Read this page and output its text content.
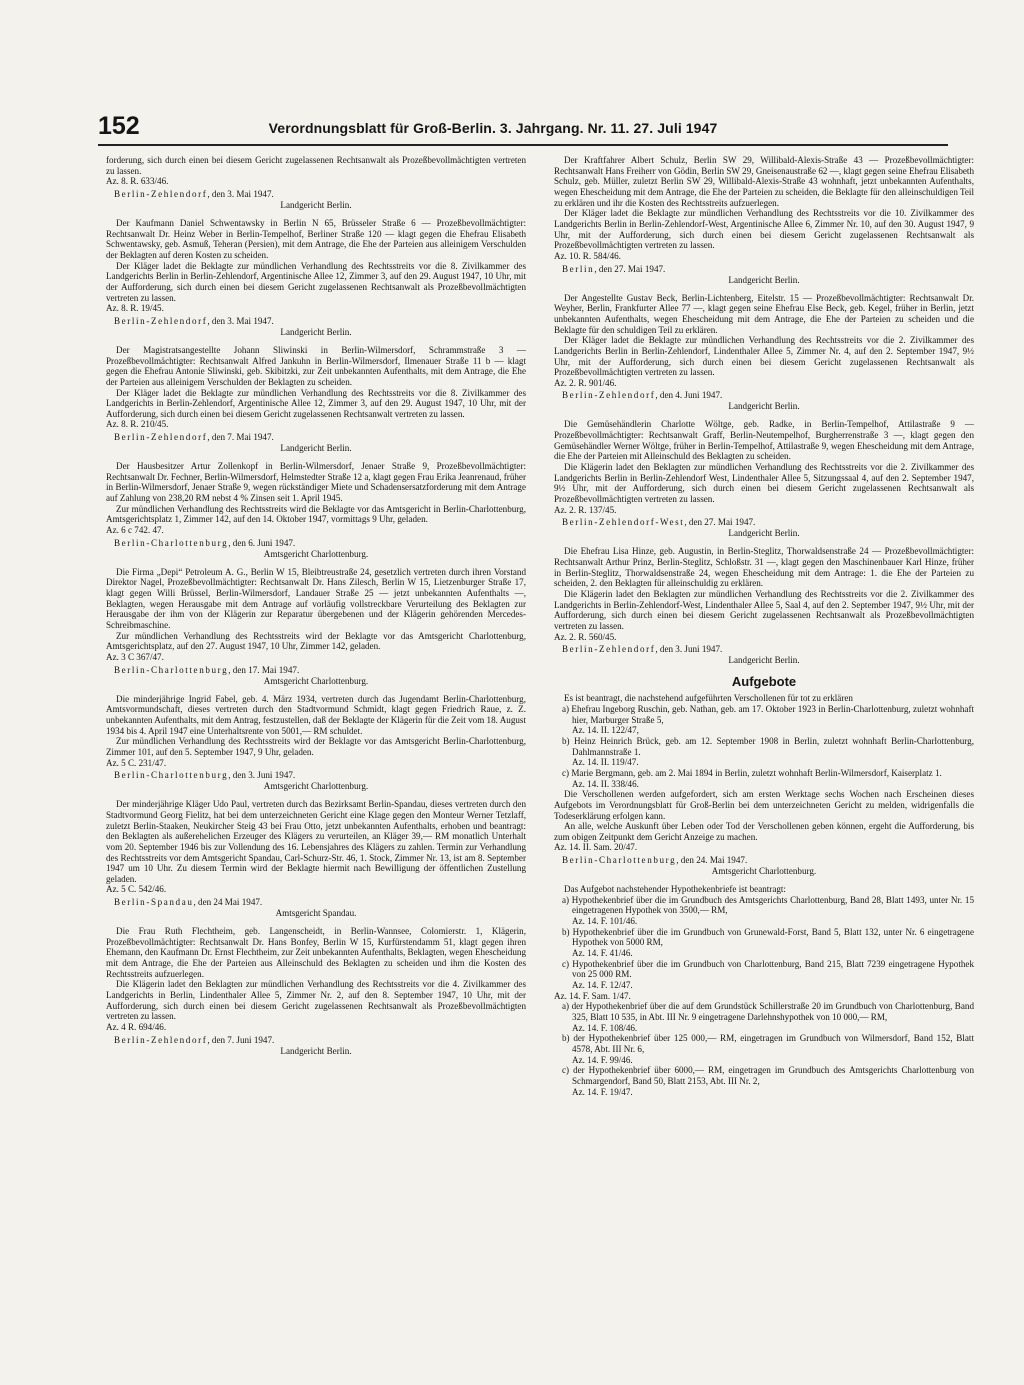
152	Verordnungsblatt für Groß-Berlin. 3. Jahrgang. Nr. 11. 27. Juli 1947

forderung, sich durch einen bei diesem Gericht zugelassenen Rechtsanwalt als Prozeßbevollmächtigten vertreten zu lassen.

Az. 8. R. 633/46.

Berlin-Zehlendorf, den 3. Mai 1947.
Landgericht Berlin.

Der Kaufmann Daniel Schwentawsky in Berlin N 65, Brüsseler Straße 6 — Prozeßbevollmächtigter: Rechtsanwalt Dr. Heinz Weber in Berlin-Tempelhof, Berliner Straße 120 — klagt gegen die Ehefrau Elisabeth Schwentawsky, geb. Asmuß, Teheran (Persien), mit dem Antrage, die Ehe der Parteien aus alleinigem Verschulden der Beklagten auf deren Kosten zu scheiden.

Der Kläger ladet die Beklagte zur mündlichen Verhandlung des Rechtsstreits vor die 8. Zivilkammer des Landgerichts Berlin in Berlin-Zehlendorf, Argentinische Allee 12, Zimmer 3, auf den 29. August 1947, 10 Uhr, mit der Aufforderung, sich durch einen bei diesem Gericht zugelassenen Rechtsanwalt als Prozeßbevollmächtigten vertreten zu lassen.

Az. 8. R. 19/45.

Berlin-Zehlendorf, den 3. Mai 1947.
Landgericht Berlin.

Der Magistratsangestellte Johann Sliwinski in Berlin-Wilmersdorf, Schrammstraße 3 — Prozeßbevollmächtigter: Rechtsanwalt Alfred Jankuhn in Berlin-Wilmersdorf, Ilmenauer Straße 11 b — klagt gegen die Ehefrau Antonie Sliwinski, geb. Skibitzki, zur Zeit unbekannten Aufenthalts, mit dem Antrage, die Ehe der Parteien aus alleinigem Verschulden der Beklagten zu scheiden.

Der Kläger ladet die Beklagte zur mündlichen Verhandlung des Rechtsstreits vor die 8. Zivilkammer des Landgerichts in Berlin-Zehlendorf, Argentinische Allee 12, Zimmer 3, auf den 29. August 1947, 10 Uhr, mit der Aufforderung, sich durch einen bei diesem Gericht zugelassenen Rechtsanwalt vertreten zu lassen.

Az. 8. R. 210/45.

Berlin-Zehlendorf, den 7. Mai 1947.
Landgericht Berlin.

Der Hausbesitzer Artur Zollenkopf in Berlin-Wilmersdorf, Jenaer Straße 9, Prozeßbevollmächtigter: Rechtsanwalt Dr. Fechner, Berlin-Wilmersdorf, Helmstedter Straße 12 a, klagt gegen Frau Erika Jeanrenaud, früher in Berlin-Wilmersdorf, Jenaer Straße 9, wegen rückständiger Miete und Schadensersatzforderung mit dem Antrage auf Zahlung von 238,20 RM nebst 4 % Zinsen seit 1. April 1945.

Zur mündlichen Verhandlung des Rechtsstreits wird die Beklagte vor das Amtsgericht in Berlin-Charlottenburg, Amtsgerichtsplatz 1, Zimmer 142, auf den 14. Oktober 1947, vormittags 9 Uhr, geladen.

Az. 6 c 742. 47.

Berlin-Charlottenburg, den 6. Juni 1947.
Amtsgericht Charlottenburg.

Die Firma „Depi“ Petroleum A. G., Berlin W 15, Bleibtreustraße 24, gesetzlich vertreten durch ihren Vorstand Direktor Nagel, Prozeßbevollmächtigter: Rechtsanwalt Dr. Hans Zilesch, Berlin W 15, Lietzenburger Straße 17, klagt gegen Willi Brüssel, Berlin-Wilmersdorf, Landauer Straße 25 — jetzt unbekannten Aufenthalts —, Beklagten, wegen Herausgabe mit dem Antrage auf vorläufig vollstreckbare Verurteilung des Beklagten zur Herausgabe der ihm von der Klägerin zur Reparatur übergebenen und der Klägerin gehörenden Mercedes-Schreibmaschine.

Zur mündlichen Verhandlung des Rechtsstreits wird der Beklagte vor das Amtsgericht Charlottenburg, Amtsgerichtsplatz, auf den 27. August 1947, 10 Uhr, Zimmer 142, geladen.

Az. 3 C 367/47.

Berlin-Charlottenburg, den 17. Mai 1947.
Amtsgericht Charlottenburg.

Die minderjährige Ingrid Fabel, geb. 4. März 1934, vertreten durch das Jugendamt Berlin-Charlottenburg, Amtsvormundschaft, dieses vertreten durch den Stadtvormund Schmidt, klagt gegen Friedrich Raue, z. Z. unbekannten Aufenthalts, mit dem Antrag, festzustellen, daß der Beklagte der Klägerin für die Zeit vom 18. August 1934 bis 4. April 1947 eine Unterhaltsrente von 5001,— RM schuldet.

Zur mündlichen Verhandlung des Rechtsstreits wird der Beklagte vor das Amtsgericht Berlin-Charlottenburg, Zimmer 101, auf den 5. September 1947, 9 Uhr, geladen.

Az. 5 C. 231/47.

Berlin-Charlottenburg, den 3. Juni 1947.
Amtsgericht Charlottenburg.

Der minderjährige Kläger Udo Paul, vertreten durch das Bezirksamt Berlin-Spandau, dieses vertreten durch den Stadtvormund Georg Fielitz, hat bei dem unterzeichneten Gericht eine Klage gegen den Monteur Werner Tetzlaff, zuletzt Berlin-Staaken, Neukircher Steig 43 bei Frau Otto, jetzt unbekannten Aufenthalts, erhoben und beantragt: den Beklagten als außerehelichen Erzeuger des Klägers zu verurteilen, an Kläger 39,— RM monatlich Unterhalt vom 20. September 1946 bis zur Vollendung des 16. Lebensjahres des Klägers zu zahlen. Termin zur Verhandlung des Rechtsstreits vor dem Amtsgericht Spandau, Carl-Schurz-Str. 46, 1. Stock, Zimmer Nr. 13, ist am 8. September 1947 um 10 Uhr. Zu diesem Termin wird der Beklagte hiermit nach Bewilligung der öffentlichen Zustellung geladen.

Az. 5 C. 542/46.

Berlin-Spandau, den 24 Mai 1947.
Amtsgericht Spandau.

Die Frau Ruth Flechtheim, geb. Langenscheidt, in Berlin-Wannsee, Colomierstr. 1, Klägerin, Prozeßbevollmächtigter: Rechtsanwalt Dr. Hans Bonfey, Berlin W 15, Kurfürstendamm 51, klagt gegen ihren Ehemann, den Kaufmann Dr. Ernst Flechtheim, zur Zeit unbekannten Aufenthalts, Beklagten, wegen Ehescheidung mit dem Antrage, die Ehe der Parteien aus Alleinschuld des Beklagten zu scheiden und ihm die Kosten des Rechtsstreits aufzuerlegen.

Die Klägerin ladet den Beklagten zur mündlichen Verhandlung des Rechtsstreits vor die 4. Zivilkammer des Landgerichts in Berlin, Lindenthaler Allee 5, Zimmer Nr. 2, auf den 8. September 1947, 10 Uhr, mit der Aufforderung, sich durch einen bei diesem Gericht zugelassenen Rechtsanwalt als Prozeßbevollmächtigten vertreten zu lassen.

Az. 4 R. 694/46.

Berlin-Zehlendorf, den 7. Juni 1947.
Landgericht Berlin.

Der Kraftfahrer Albert Schulz, Berlin SW 29, Willibald-Alexis-Straße 43 — Prozeßbevollmächtigter: Rechtsanwalt Hans Freiherr von Gödin, Berlin SW 29, Gneisenaustraße 62 —, klagt gegen seine Ehefrau Elisabeth Schulz, geb. Müller, zuletzt Berlin SW 29, Willibald-Alexis-Straße 43 wohnhaft, jetzt unbekannten Aufenthalts, wegen Ehescheidung mit dem Antrage, die Ehe der Parteien zu scheiden, die Beklagte für den alleinschuldigen Teil zu erklären und ihr die Kosten des Rechtsstreits aufzuerlegen.

Der Kläger ladet die Beklagte zur mündlichen Verhandlung des Rechtsstreits vor die 10. Zivilkammer des Landgerichts Berlin in Berlin-Zehlendorf-West, Argentinische Allee 6, Zimmer Nr. 10, auf den 30. August 1947, 9 Uhr, mit der Aufforderung, sich durch einen bei diesem Gericht zugelassenen Rechtsanwalt als Prozeßbevollmächtigten vertreten zu lassen.

Az. 10. R. 584/46.

Berlin, den 27. Mai 1947.
Landgericht Berlin.

Der Angestellte Gustav Beck, Berlin-Lichtenberg, Eitelstr. 15 — Prozeßbevollmächtigter: Rechtsanwalt Dr. Weyher, Berlin, Frankfurter Allee 77 —, klagt gegen seine Ehefrau Else Beck, geb. Kegel, früher in Berlin, jetzt unbekannten Aufenthalts, wegen Ehescheidung mit dem Antrage, die Ehe der Parteien zu scheiden und die Beklagte für den schuldigen Teil zu erklären.

Der Kläger ladet die Beklagte zur mündlichen Verhandlung des Rechtsstreits vor die 2. Zivilkammer des Landgerichts Berlin in Berlin-Zehlendorf, Lindenthaler Allee 5, Zimmer Nr. 4, auf den 2. September 1947, 9½ Uhr, mit der Aufforderung, sich durch einen bei diesem Gericht zugelassenen Rechtsanwalt als Prozeßbevollmächtigten vertreten zu lassen.

Az. 2. R. 901/46.

Berlin-Zehlendorf, den 4. Juni 1947.
Landgericht Berlin.

Die Gemüsehändlerin Charlotte Wöltge, geb. Radke, in Berlin-Tempelhof, Attilastraße 9 — Prozeßbevollmächtigter: Rechtsanwalt Graff, Berlin-Neutempelhof, Burgherrenstraße 3 —, klagt gegen den Gemüsehändler Werner Wöltge, früher in Berlin-Tempelhof, Attilastraße 9, wegen Ehescheidung mit dem Antrage, die Ehe der Parteien mit Alleinschuld des Beklagten zu scheiden.

Die Klägerin ladet den Beklagten zur mündlichen Verhandlung des Rechtsstreits vor die 2. Zivilkammer des Landgerichts Berlin in Berlin-Zehlendorf West, Lindenthaler Allee 5, Sitzungssaal 4, auf den 2. September 1947, 9½ Uhr, mit der Aufforderung, sich durch einen bei diesem Gericht zugelassenen Rechtsanwalt als Prozeßbevollmächtigten vertreten zu lassen.

Az. 2. R. 137/45.

Berlin-Zehlendorf-West, den 27. Mai 1947.
Landgericht Berlin.

Die Ehefrau Lisa Hinze, geb. Augustin, in Berlin-Steglitz, Thorwaldsenstraße 24 — Prozeßbevollmächtigter: Rechtsanwalt Arthur Prinz, Berlin-Steglitz, Schloßstr. 31 —, klagt gegen den Maschinenbauer Karl Hinze, früher in Berlin-Steglitz, Thorwaldsenstraße 24, wegen Ehescheidung mit dem Antrage: 1. die Ehe der Parteien zu scheiden, 2. den Beklagten für alleinschuldig zu erklären.

Die Klägerin ladet den Beklagten zur mündlichen Verhandlung des Rechtsstreits vor die 2. Zivilkammer des Landgerichts in Berlin-Zehlendorf-West, Lindenthaler Allee 5, Saal 4, auf den 2. September 1947, 9½ Uhr, mit der Aufforderung, sich durch einen bei diesem Gericht zugelassenen Rechtsanwalt als Prozeßbevollmächtigten vertreten zu lassen.

Az. 2. R. 560/45.

Berlin-Zehlendorf, den 3. Juni 1947.
Landgericht Berlin.
Aufgebote

Es ist beantragt, die nachstehend aufgeführten Verschollenen für tot zu erklären

a) Ehefrau Ingeborg Ruschin, geb. Nathan, geb. am 17. Oktober 1923 in Berlin-Charlottenburg, zuletzt wohnhaft hier, Marburger Straße 5,

Az. 14. II. 122/47,

b) Heinz Heinrich Brück, geb. am 12. September 1908 in Berlin, zuletzt wohnhaft Berlin-Charlottenburg, Dahlmannstraße 1.

Az. 14. II. 119/47.

c) Marie Bergmann, geb. am 2. Mai 1894 in Berlin, zuletzt wohnhaft Berlin-Wilmersdorf, Kaiserplatz 1.

Az. 14. II. 338/46.

Die Verschollenen werden aufgefordert, sich am ersten Werktage sechs Wochen nach Erscheinen dieses Aufgebots im Verordnungsblatt für Groß-Berlin bei dem unterzeichneten Gericht zu melden, widrigenfalls die Todeserklärung erfolgen kann.

An alle, welche Auskunft über Leben oder Tod der Verschollenen geben können, ergeht die Aufforderung, bis zum obigen Zeitpunkt dem Gericht Anzeige zu machen.

Az. 14. II. Sam. 20/47.

Berlin-Charlottenburg, den 24. Mai 1947.
Amtsgericht Charlottenburg.

Das Aufgebot nachstehender Hypothekenbriefe ist beantragt:

a) Hypothekenbrief über die im Grundbuch des Amtsgerichts Charlottenburg, Band 28, Blatt 1493, unter Nr. 15 eingetragenen Hypothek von 3500,— RM,

Az. 14. F. 101/46.

b) Hypothekenbrief über die im Grundbuch von Grunewald-Forst, Band 5, Blatt 132, unter Nr. 6 eingetragene Hypothek von 5000 RM,

Az. 14. F. 41/46.

c) Hypothekenbrief über die im Grundbuch von Charlottenburg, Band 215, Blatt 7239 eingetragene Hypothek von 25 000 RM.

Az. 14. F. 12/47.

Az. 14. F. Sam. 1/47.

a) der Hypothekenbrief über die auf dem Grundstück Schillerstraße 20 im Grundbuch von Charlottenburg, Band 325, Blatt 10 535, in Abt. III Nr. 9 eingetragene Darlehnshypothek von 10 000,— RM,

Az. 14. F. 108/46.

b) der Hypothekenbrief über 125 000,— RM, eingetragen im Grundbuch von Wilmersdorf, Band 152, Blatt 4578, Abt. III Nr. 6,

Az. 14. F. 99/46.

c) der Hypothekenbrief über 6000,— RM, eingetragen im Grundbuch des Amtsgerichts Charlottenburg von Schmargendorf, Band 50, Blatt 2153, Abt. III Nr. 2,

Az. 14. F. 19/47.
